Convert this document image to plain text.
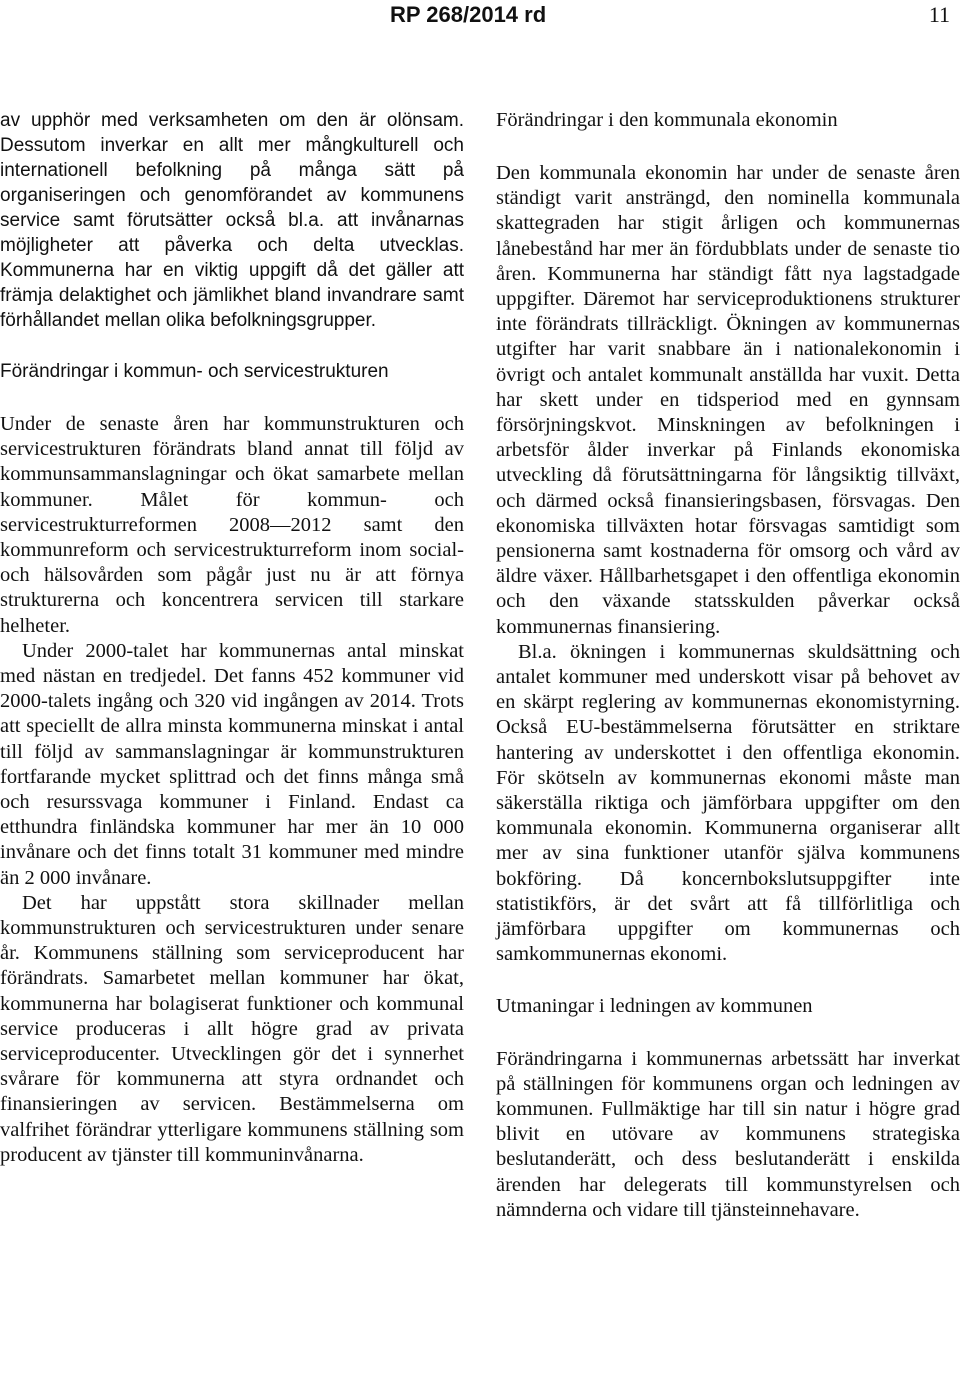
RP 268/2014 rd	11

av upphör med verksamheten om den är olönsam. Dessutom inverkar en allt mer mångkulturell och internationell befolkning på många sätt på organiseringen och genomförandet av kommunens service samt förutsätter också bl.a. att invånarnas möjligheter att påverka och delta utvecklas. Kommunerna har en viktig uppgift då det gäller att främja delaktighet och jämlikhet bland invandrare samt förhållandet mellan olika befolkningsgrupper.

Förändringar i kommun- och servicestrukturen

Under de senaste åren har kommunstrukturen och servicestrukturen förändrats bland annat till följd av kommunsammanslagningar och ökat samarbete mellan kommuner. Målet för kommun- och servicestrukturreformen 2008—2012 samt den kommunreform och servicestrukturreform inom social- och hälsovården som pågår just nu är att förnya strukturerna och koncentrera servicen till starkare helheter.

Under 2000-talet har kommunernas antal minskat med nästan en tredjedel. Det fanns 452 kommuner vid 2000-talets ingång och 320 vid ingången av 2014. Trots att speciellt de allra minsta kommunerna minskat i antal till följd av sammanslagningar är kommunstrukturen fortfarande mycket splittrad och det finns många små och resurssvaga kommuner i Finland. Endast ca etthundra finländska kommuner har mer än 10 000 invånare och det finns totalt 31 kommuner med mindre än 2 000 invånare.

Det har uppstått stora skillnader mellan kommunstrukturen och servicestrukturen under senare år. Kommunens ställning som serviceproducent har förändrats. Samarbetet mellan kommuner har ökat, kommunerna har bolagiserat funktioner och kommunal service produceras i allt högre grad av privata serviceproducenter. Utvecklingen gör det i synnerhet svårare för kommunerna att styra ordnandet och finansieringen av servicen. Bestämmelserna om valfrihet förändrar ytterligare kommunens ställning som producent av tjänster till kommuninvånarna.

Förändringar i den kommunala ekonomin

Den kommunala ekonomin har under de senaste åren ständigt varit ansträngd, den nominella kommunala skattegraden har stigit årligen och kommunernas lånebestånd har mer än fördubblats under de senaste tio åren. Kommunerna har ständigt fått nya lagstadgade uppgifter. Däremot har serviceproduktionens strukturer inte förändrats tillräckligt. Ökningen av kommunernas utgifter har varit snabbare än i nationalekonomin i övrigt och antalet kommunalt anställda har vuxit. Detta har skett under en tidsperiod med en gynnsam försörjningskvot. Minskningen av befolkningen i arbetsför ålder inverkar på Finlands ekonomiska utveckling då förutsättningarna för långsiktig tillväxt, och därmed också finansieringsbasen, försvagas. Den ekonomiska tillväxten hotar försvagas samtidigt som pensionerna samt kostnaderna för omsorg och vård av äldre växer. Hållbarhetsgapet i den offentliga ekonomin och den växande statsskulden påverkar också kommunernas finansiering.

Bl.a. ökningen i kommunernas skuldsättning och antalet kommuner med underskott visar på behovet av en skärpt reglering av kommunernas ekonomistyrning. Också EU-bestämmelserna förutsätter en striktare hantering av underskottet i den offentliga ekonomin. För skötseln av kommunernas ekonomi måste man säkerställa riktiga och jämförbara uppgifter om den kommunala ekonomin. Kommunerna organiserar allt mer av sina funktioner utanför själva kommunens bokföring. Då koncernbokslutsuppgifter inte statistikförs, är det svårt att få tillförlitliga och jämförbara uppgifter om kommunernas och samkommunernas ekonomi.

Utmaningar i ledningen av kommunen

Förändringarna i kommunernas arbetssätt har inverkat på ställningen för kommunens organ och ledningen av kommunen. Fullmäktige har till sin natur i högre grad blivit en utövare av kommunens strategiska beslutanderätt, och dess beslutanderätt i enskilda ärenden har delegerats till kommunstyrelsen och nämnderna och vidare till tjänsteinnehavare.
